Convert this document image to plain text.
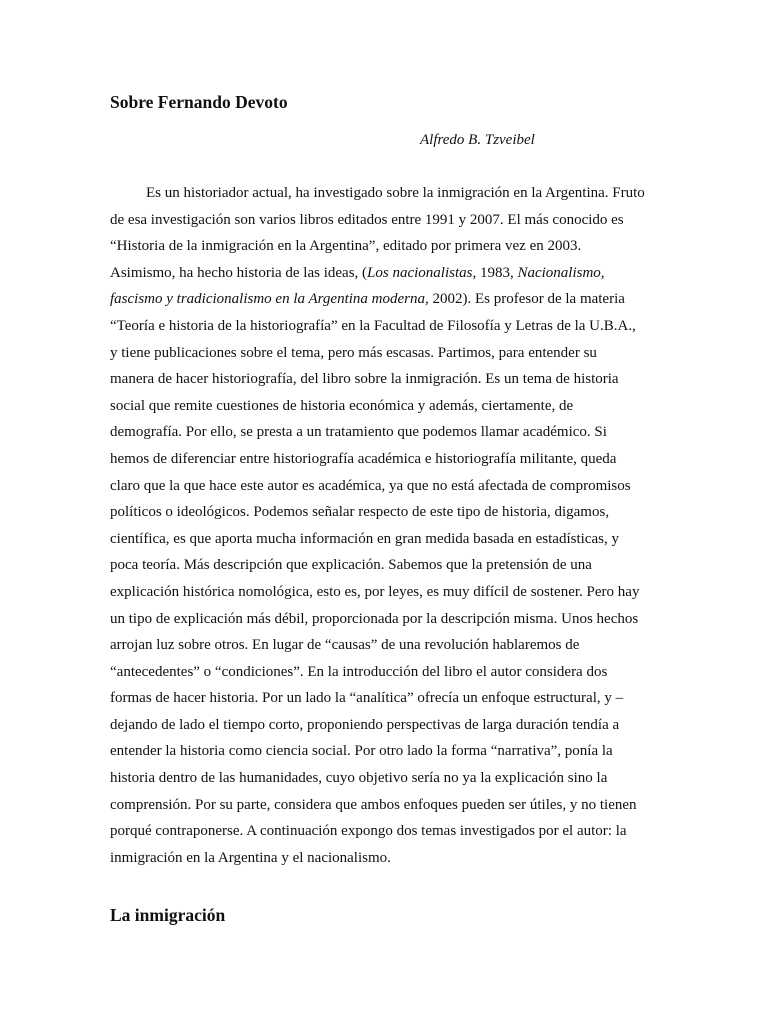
Sobre Fernando Devoto

Alfredo B. Tzveibel

Es un historiador actual, ha investigado sobre la inmigración en la Argentina. Fruto
de esa investigación son varios libros editados entre 1991 y 2007. El más conocido es
“Historia de la inmigración en la Argentina”, editado por primera vez en 2003.
Asimismo, ha hecho historia de las ideas, (Los nacionalistas, 1983, Nacionalismo,
fascismo y tradicionalismo en la Argentina moderna, 2002). Es profesor de la materia
“Teoría e historia de la historiografía” en la Facultad de Filosofía y Letras de la U.B.A.,
y tiene publicaciones sobre el tema, pero más escasas. Partimos, para entender su
manera de hacer historiografía, del libro sobre la inmigración. Es un tema de historia
social que remite cuestiones de historia económica y además, ciertamente, de
demografía. Por ello, se presta a un tratamiento que podemos llamar académico. Si
hemos de diferenciar entre historiografía académica e historiografía militante, queda
claro que la que hace este autor es académica, ya que no está afectada de compromisos
políticos o ideológicos. Podemos señalar respecto de este tipo de historia, digamos,
científica, es que aporta mucha información en gran medida basada en estadísticas, y
poca teoría. Más descripción que explicación. Sabemos que la pretensión de una
explicación histórica nomológica, esto es, por leyes, es muy difícil de sostener. Pero hay
un tipo de explicación más débil, proporcionada por la descripción misma. Unos hechos
arrojan luz sobre otros. En lugar de “causas” de una revolución hablaremos de
“antecedentes” o “condiciones”. En la introducción del libro el autor considera dos
formas de hacer historia. Por un lado la “analítica” ofrecía un enfoque estructural, y –
dejando de lado el tiempo corto, proponiendo perspectivas de larga duración tendía a
entender la historia como ciencia social. Por otro lado la forma “narrativa”, ponía la
historia dentro de las humanidades, cuyo objetivo sería no ya la explicación sino la
comprensión. Por su parte, considera que ambos enfoques pueden ser útiles, y no tienen
porqué contraponerse. A continuación expongo dos temas investigados por el autor: la
inmigración en la Argentina y el nacionalismo.
La inmigración
